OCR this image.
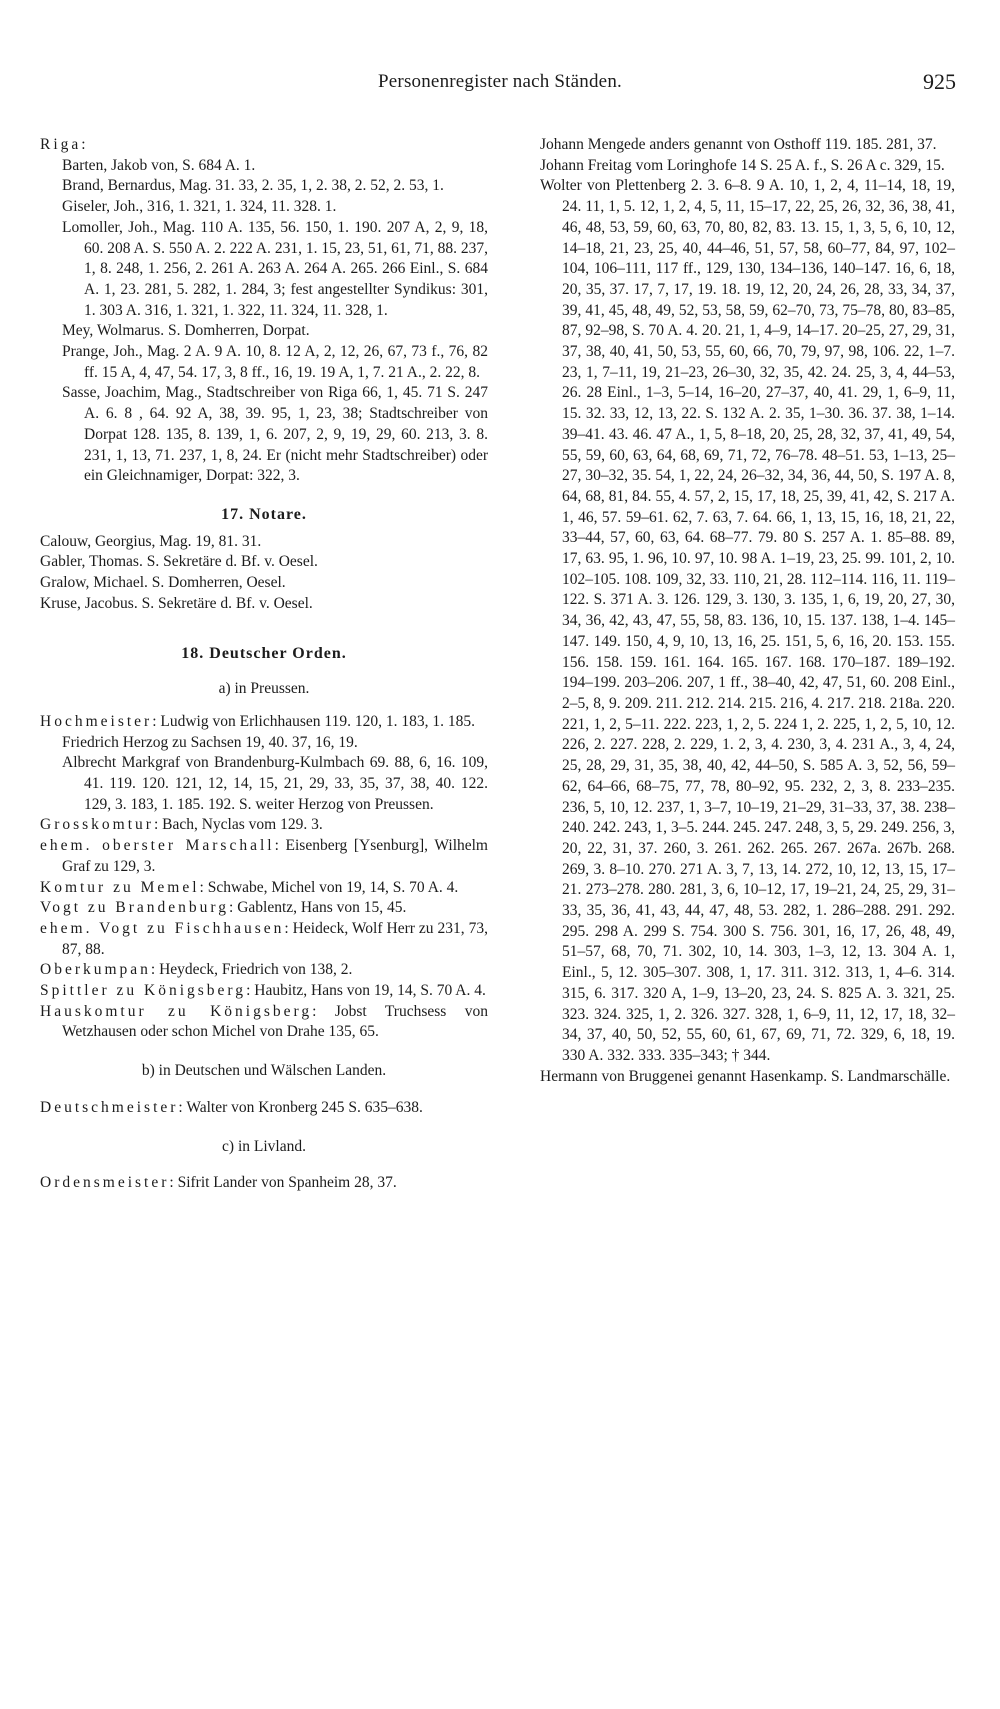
Personenregister nach Ständen.	925

Riga:

Barten, Jakob von, S. 684 A. 1.

Brand, Bernardus, Mag. 31. 33, 2. 35, 1, 2. 38, 2. 52, 2. 53, 1.

Giseler, Joh., 316, 1. 321, 1. 324, 11. 328. 1.

Lomoller, Joh., Mag. 110 A. 135, 56. 150, 1. 190. 207 A, 2, 9, 18, 60. 208 A. S. 550 A. 2. 222 A. 231, 1. 15, 23, 51, 61, 71, 88. 237, 1, 8. 248, 1. 256, 2. 261 A. 263 A. 264 A. 265. 266 Einl., S. 684 A. 1, 23. 281, 5. 282, 1. 284, 3; fest angestellter Syndikus: 301, 1. 303 A. 316, 1. 321, 1. 322, 11. 324, 11. 328, 1.

Mey, Wolmarus. S. Domherren, Dorpat.

Prange, Joh., Mag. 2 A. 9 A. 10, 8. 12 A, 2, 12, 26, 67, 73 f., 76, 82 ff. 15 A, 4, 47, 54. 17, 3, 8 ff., 16, 19. 19 A, 1, 7. 21 A., 2. 22, 8.

Sasse, Joachim, Mag., Stadtschreiber von Riga 66, 1, 45. 71 S. 247 A. 6. 8 , 64. 92 A, 38, 39. 95, 1, 23, 38; Stadtschreiber von Dorpat 128. 135, 8. 139, 1, 6. 207, 2, 9, 19, 29, 60. 213, 3. 8. 231, 1, 13, 71. 237, 1, 8, 24. Er (nicht mehr Stadtschreiber) oder ein Gleichnamiger, Dorpat: 322, 3.

17. Notare.

Calouw, Georgius, Mag. 19, 81. 31.

Gabler, Thomas. S. Sekretäre d. Bf. v. Oesel.

Gralow, Michael. S. Domherren, Oesel.

Kruse, Jacobus. S. Sekretäre d. Bf. v. Oesel.

18. Deutscher Orden.

a) in Preussen.

Hochmeister: Ludwig von Erlichhausen 119. 120, 1. 183, 1. 185.

Friedrich Herzog zu Sachsen 19, 40. 37, 16, 19.

Albrecht Markgraf von Brandenburg-Kulmbach 69. 88, 6, 16. 109, 41. 119. 120. 121, 12, 14, 15, 21, 29, 33, 35, 37, 38, 40. 122. 129, 3. 183, 1. 185. 192. S. weiter Herzog von Preussen.

Grosskomtur: Bach, Nyclas vom 129. 3.

ehem. oberster Marschall: Eisenberg [Ysenburg], Wilhelm Graf zu 129, 3.

Komtur zu Memel: Schwabe, Michel von 19, 14, S. 70 A. 4.

Vogt zu Brandenburg: Gablentz, Hans von 15, 45.

ehem. Vogt zu Fischhausen: Heideck, Wolf Herr zu 231, 73, 87, 88.

Oberkumpan: Heydeck, Friedrich von 138, 2.

Spittler zu Königsberg: Haubitz, Hans von 19, 14, S. 70 A. 4.

Hauskomtur zu Königsberg: Jobst Truchsess von Wetzhausen oder schon Michel von Drahe 135, 65.

b) in Deutschen und Wälschen Landen.

Deutschmeister: Walter von Kronberg 245 S. 635–638.

c) in Livland.

Ordensmeister: Sifrit Lander von Spanheim 28, 37.

Johann Mengede anders genannt von Osthoff 119. 185. 281, 37.

Johann Freitag vom Loringhofe 14 S. 25 A. f., S. 26 A c. 329, 15.

Wolter von Plettenberg 2. 3. 6–8. 9 A. 10, 1, 2, 4, 11–14, 18, 19, 24. 11, 1, 5. 12, 1, 2, 4, 5, 11, 15–17, 22, 25, 26, 32, 36, 38, 41, 46, 48, 53, 59, 60, 63, 70, 80, 82, 83. 13. 15, 1, 3, 5, 6, 10, 12, 14–18, 21, 23, 25, 40, 44–46, 51, 57, 58, 60–77, 84, 97, 102–104, 106–111, 117 ff., 129, 130, 134–136, 140–147. 16, 6, 18, 20, 35, 37. 17, 7, 17, 19. 18. 19, 12, 20, 24, 26, 28, 33, 34, 37, 39, 41, 45, 48, 49, 52, 53, 58, 59, 62–70, 73, 75–78, 80, 83–85, 87, 92–98, S. 70 A. 4. 20. 21, 1, 4–9, 14–17. 20–25, 27, 29, 31, 37, 38, 40, 41, 50, 53, 55, 60, 66, 70, 79, 97, 98, 106. 22, 1–7. 23, 1, 7–11, 19, 21–23, 26–30, 32, 35, 42. 24. 25, 3, 4, 44–53, 26. 28 Einl., 1–3, 5–14, 16–20, 27–37, 40, 41. 29, 1, 6–9, 11, 15. 32. 33, 12, 13, 22. S. 132 A. 2. 35, 1–30. 36. 37. 38, 1–14. 39–41. 43. 46. 47 A., 1, 5, 8–18, 20, 25, 28, 32, 37, 41, 49, 54, 55, 59, 60, 63, 64, 68, 69, 71, 72, 76–78. 48–51. 53, 1–13, 25–27, 30–32, 35. 54, 1, 22, 24, 26–32, 34, 36, 44, 50, S. 197 A. 8, 64, 68, 81, 84. 55, 4. 57, 2, 15, 17, 18, 25, 39, 41, 42, S. 217 A. 1, 46, 57. 59–61. 62, 7. 63, 7. 64. 66, 1, 13, 15, 16, 18, 21, 22, 33–44, 57, 60, 63, 64. 68–77. 79. 80 S. 257 A. 1. 85–88. 89, 17, 63. 95, 1. 96, 10. 97, 10. 98 A. 1–19, 23, 25. 99. 101, 2, 10. 102–105. 108. 109, 32, 33. 110, 21, 28. 112–114. 116, 11. 119–122. S. 371 A. 3. 126. 129, 3. 130, 3. 135, 1, 6, 19, 20, 27, 30, 34, 36, 42, 43, 47, 55, 58, 83. 136, 10, 15. 137. 138, 1–4. 145–147. 149. 150, 4, 9, 10, 13, 16, 25. 151, 5, 6, 16, 20. 153. 155. 156. 158. 159. 161. 164. 165. 167. 168. 170–187. 189–192. 194–199. 203–206. 207, 1 ff., 38–40, 42, 47, 51, 60. 208 Einl., 2–5, 8, 9. 209. 211. 212. 214. 215. 216, 4. 217. 218. 218a. 220. 221, 1, 2, 5–11. 222. 223, 1, 2, 5. 224 1, 2. 225, 1, 2, 5, 10, 12. 226, 2. 227. 228, 2. 229, 1. 2, 3, 4. 230, 3, 4. 231 A., 3, 4, 24, 25, 28, 29, 31, 35, 38, 40, 42, 44–50, S. 585 A. 3, 52, 56, 59–62, 64–66, 68–75, 77, 78, 80–92, 95. 232, 2, 3, 8. 233–235. 236, 5, 10, 12. 237, 1, 3–7, 10–19, 21–29, 31–33, 37, 38. 238–240. 242. 243, 1, 3–5. 244. 245. 247. 248, 3, 5, 29. 249. 256, 3, 20, 22, 31, 37. 260, 3. 261. 262. 265. 267. 267a. 267b. 268. 269, 3. 8–10. 270. 271 A. 3, 7, 13, 14. 272, 10, 12, 13, 15, 17–21. 273–278. 280. 281, 3, 6, 10–12, 17, 19–21, 24, 25, 29, 31–33, 35, 36, 41, 43, 44, 47, 48, 53. 282, 1. 286–288. 291. 292. 295. 298 A. 299 S. 754. 300 S. 756. 301, 16, 17, 26, 48, 49, 51–57, 68, 70, 71. 302, 10, 14. 303, 1–3, 12, 13. 304 A. 1, Einl., 5, 12. 305–307. 308, 1, 17. 311. 312. 313, 1, 4–6. 314. 315, 6. 317. 320 A, 1–9, 13–20, 23, 24. S. 825 A. 3. 321, 25. 323. 324. 325, 1, 2. 326. 327. 328, 1, 6–9, 11, 12, 17, 18, 32–34, 37, 40, 50, 52, 55, 60, 61, 67, 69, 71, 72. 329, 6, 18, 19. 330 A. 332. 333. 335–343; † 344.

Hermann von Bruggenei genannt Hasenkamp. S. Landmarschälle.
